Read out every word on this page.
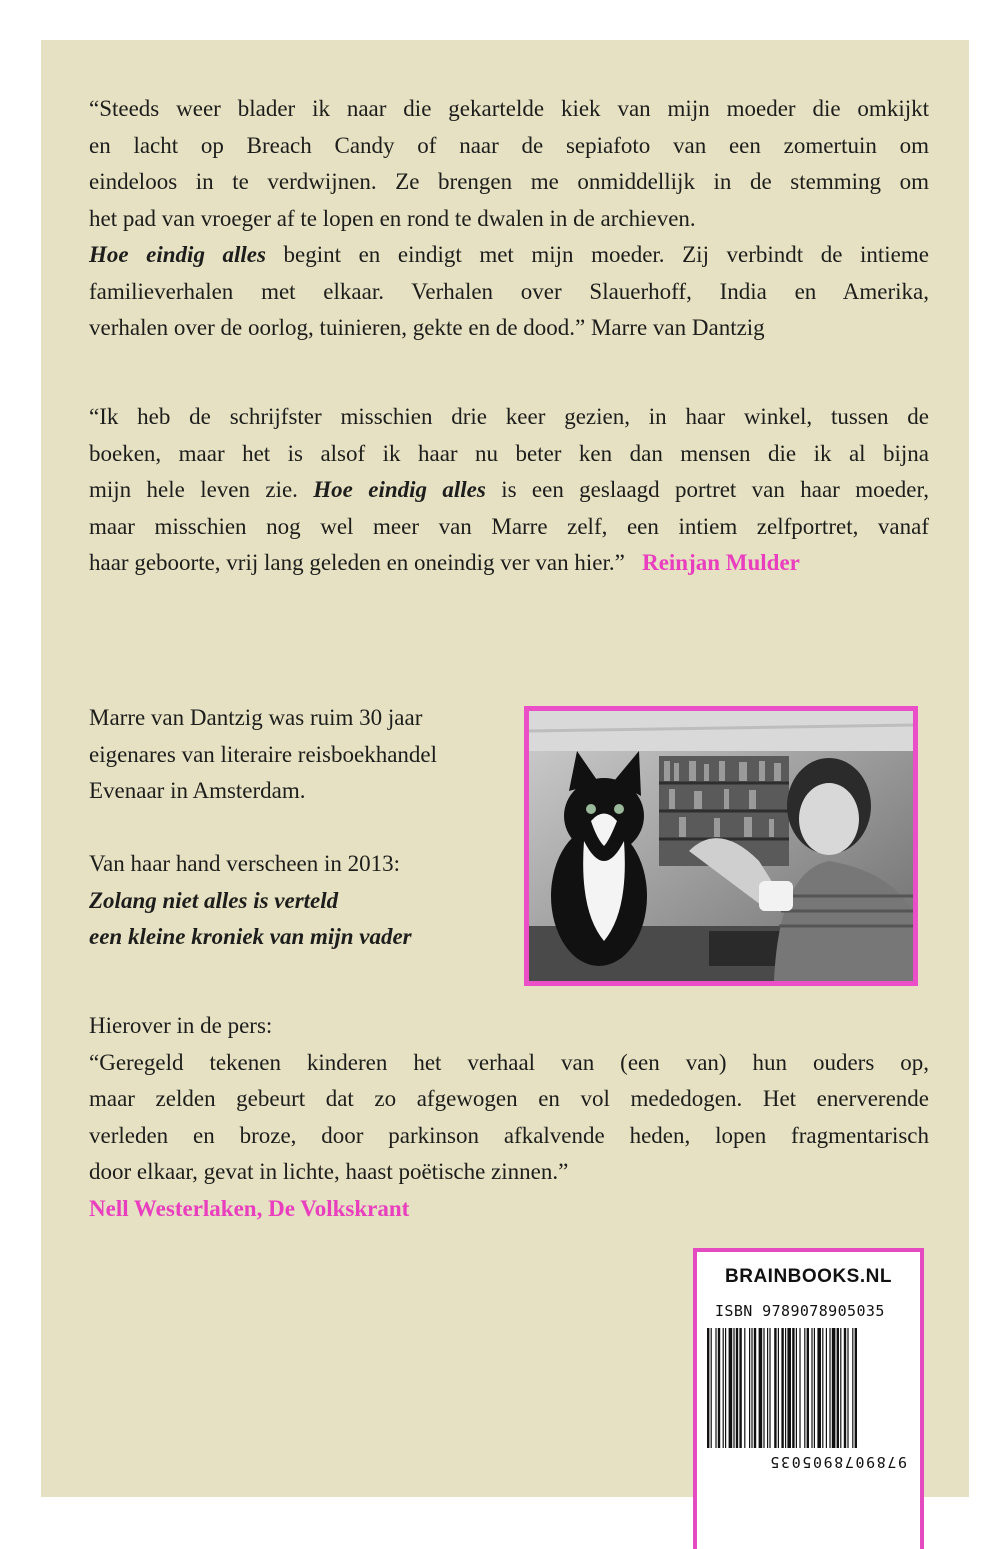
“Steeds weer blader ik naar die gekartelde kiek van mijn moeder die omkijkt
en lacht op Breach Candy of naar de sepiafoto van een zomertuin om
eindeloos in te verdwijnen. Ze brengen me onmiddellijk in de stemming om
het pad van vroeger af te lopen en rond te dwalen in de archieven.
Hoe eindig alles begint en eindigt met mijn moeder. Zij verbindt de intieme
familieverhalen met elkaar. Verhalen over Slauerhoff, India en Amerika,
verhalen over de oorlog, tuinieren, gekte en de dood.” Marre van Dantzig
“Ik heb de schrijfster misschien drie keer gezien, in haar winkel, tussen de
boeken, maar het is alsof ik haar nu beter ken dan mensen die ik al bijna
mijn hele leven zie. Hoe eindig alles is een geslaagd portret van haar moeder,
maar misschien nog wel meer van Marre zelf, een intiem zelfportret, vanaf
haar geboorte, vrij lang geleden en oneindig ver van hier.” Reinjan Mulder
Marre van Dantzig was ruim 30 jaar
eigenares van literaire reisboekhandel
Evenaar in Amsterdam.
Van haar hand verscheen in 2013:
Zolang niet alles is verteld
een kleine kroniek van mijn vader
Hierover in de pers:
“Geregeld tekenen kinderen het verhaal van (een van) hun ouders op,
maar zelden gebeurt dat zo afgewogen en vol mededogen. Het enerverende
verleden en broze, door parkinson afkalvende heden, lopen fragmentarisch
door elkaar, gevat in lichte, haast poëtische zinnen.”
Nell Westerlaken, De Volkskrant
BRAINBOOKS.NL
ISBN 9789078905035
9789078905035
